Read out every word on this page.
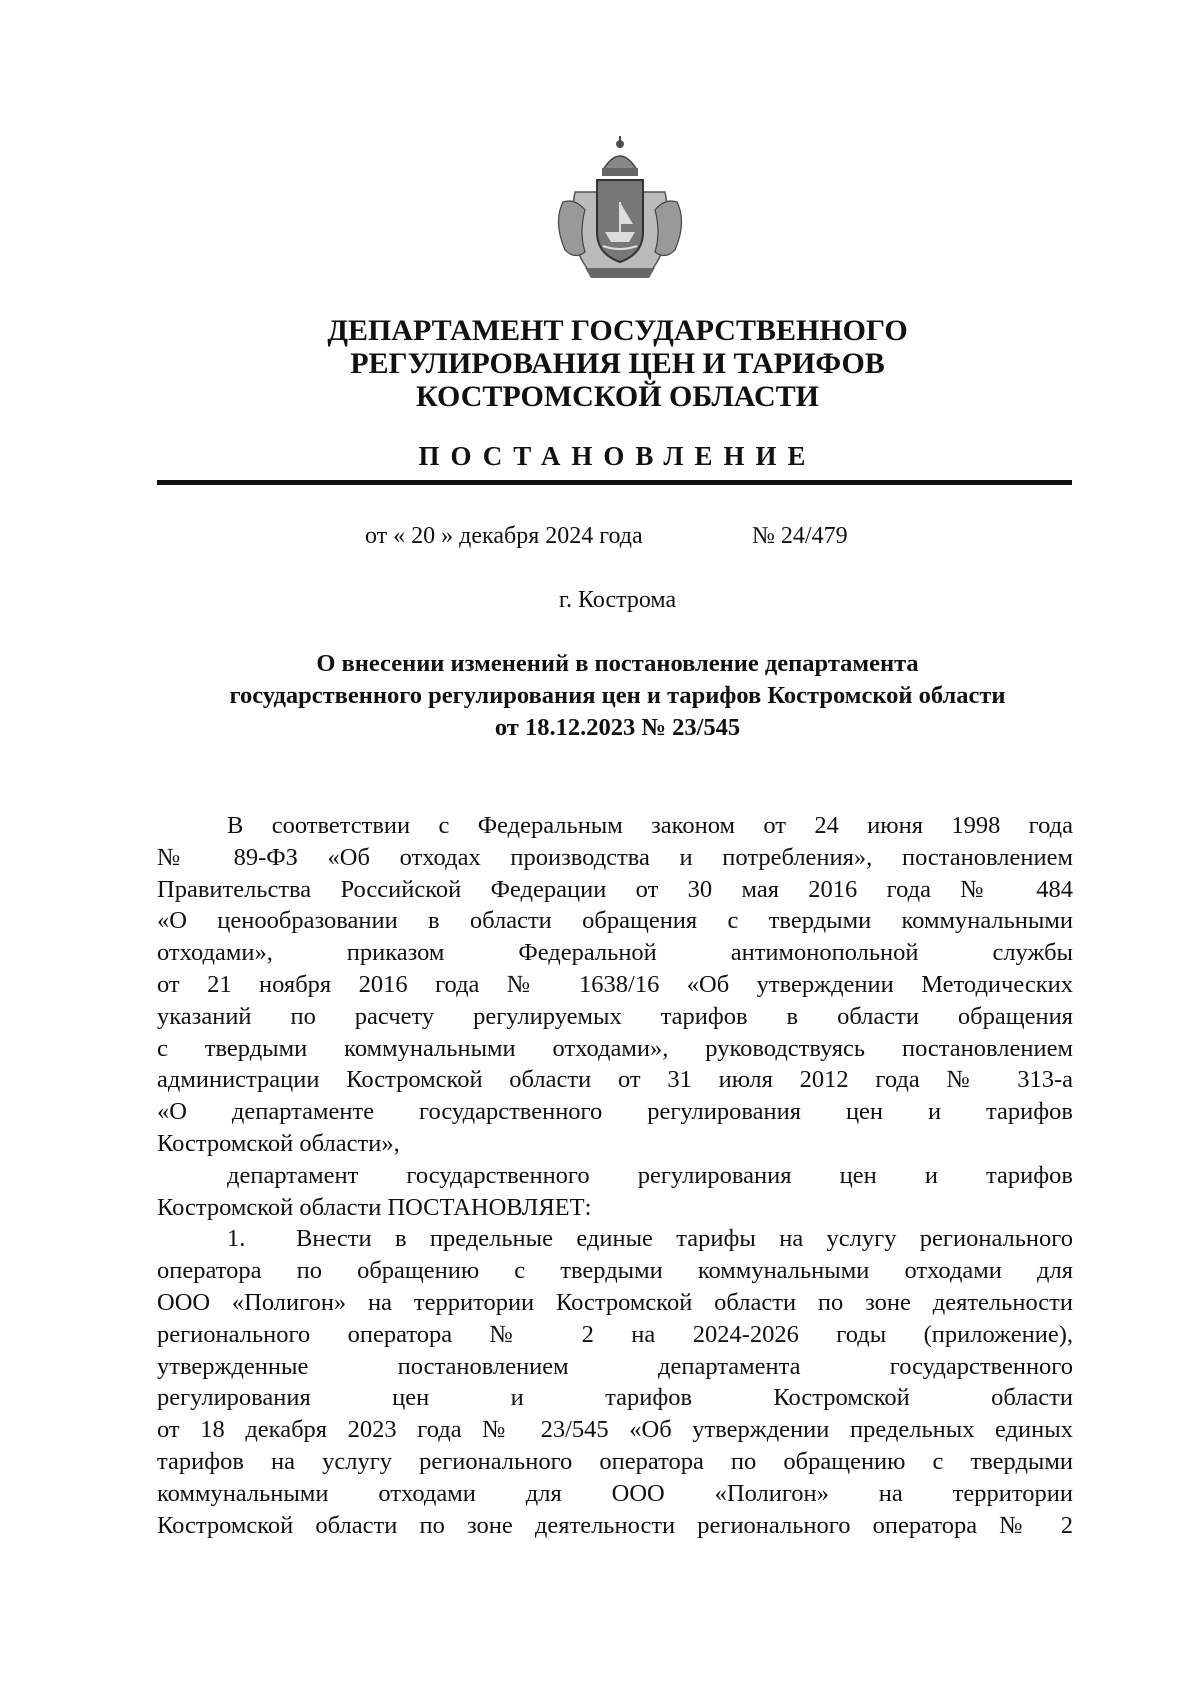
ДЕПАРТАМЕНТ ГОСУДАРСТВЕННОГО
РЕГУЛИРОВАНИЯ ЦЕН И ТАРИФОВ
КОСТРОМСКОЙ ОБЛАСТИ
ПОСТАНОВЛЕНИЕ
от « 20 » декабря 2024 года	№ 24/479
г. Кострома
О внесении изменений в постановление департамента
государственного регулирования цен и тарифов Костромской области
от 18.12.2023 № 23/545
В соответствии с Федеральным законом от 24 июня 1998 года
№ 89-ФЗ «Об отходах производства и потребления», постановлением
Правительства Российской Федерации от 30 мая 2016 года № 484
«О ценообразовании в области обращения с твердыми коммунальными
отходами», приказом Федеральной антимонопольной службы
от 21 ноября 2016 года № 1638/16 «Об утверждении Методических
указаний по расчету регулируемых тарифов в области обращения
с твердыми коммунальными отходами», руководствуясь постановлением
администрации Костромской области от 31 июля 2012 года № 313-а
«О департаменте государственного регулирования цен и тарифов
Костромской области»,
департамент государственного регулирования цен и тарифов
Костромской области ПОСТАНОВЛЯЕТ:
1. Внести в предельные единые тарифы на услугу регионального
оператора по обращению с твердыми коммунальными отходами для
ООО «Полигон» на территории Костромской области по зоне деятельности
регионального оператора № 2 на 2024-2026 годы (приложение),
утвержденные постановлением департамента государственного
регулирования цен и тарифов Костромской области
от 18 декабря 2023 года № 23/545 «Об утверждении предельных единых
тарифов на услугу регионального оператора по обращению с твердыми
коммунальными отходами для ООО «Полигон» на территории
Костромской области по зоне деятельности регионального оператора № 2
